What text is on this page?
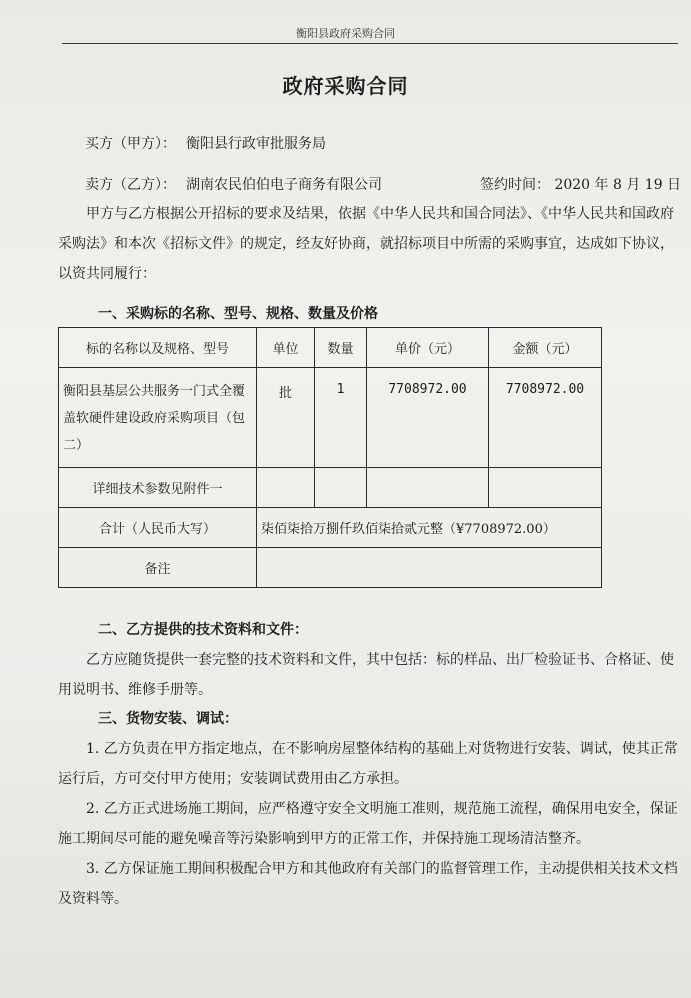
衡阳县政府采购合同
政府采购合同
买方（甲方）： 衡阳县行政审批服务局
卖方（乙方）： 湖南农民伯伯电子商务有限公司	签约时间： 2020 年 8 月 19 日
甲方与乙方根据公开招标的要求及结果，依据《中华人民共和国合同法》、《中华人民共和国政府采购法》和本次《招标文件》的规定，经友好协商，就招标项目中所需的采购事宜，达成如下协议，以资共同履行：
一、采购标的名称、型号、规格、数量及价格
标的名称以及规格、型号	单位	数量	单价（元）	金额（元）
衡阳县基层公共服务一门式全覆盖软硬件建设政府采购项目（包二）	批	1	7708972.00	7708972.00
详细技术参数见附件一				
合计（人民币大写）	柒佰柒拾万捌仟玖佰柒拾贰元整（¥7708972.00）			
备注				
二、乙方提供的技术资料和文件：
乙方应随货提供一套完整的技术资料和文件，其中包括：标的样品、出厂检验证书、合格证、使用说明书、维修手册等。
三、货物安装、调试：
1. 乙方负责在甲方指定地点，在不影响房屋整体结构的基础上对货物进行安装、调试，使其正常运行后，方可交付甲方使用；安装调试费用由乙方承担。
2. 乙方正式进场施工期间，应严格遵守安全文明施工准则，规范施工流程，确保用电安全，保证施工期间尽可能的避免噪音等污染影响到甲方的正常工作，并保持施工现场清洁整齐。
3. 乙方保证施工期间积极配合甲方和其他政府有关部门的监督管理工作，主动提供相关技术文档及资料等。
